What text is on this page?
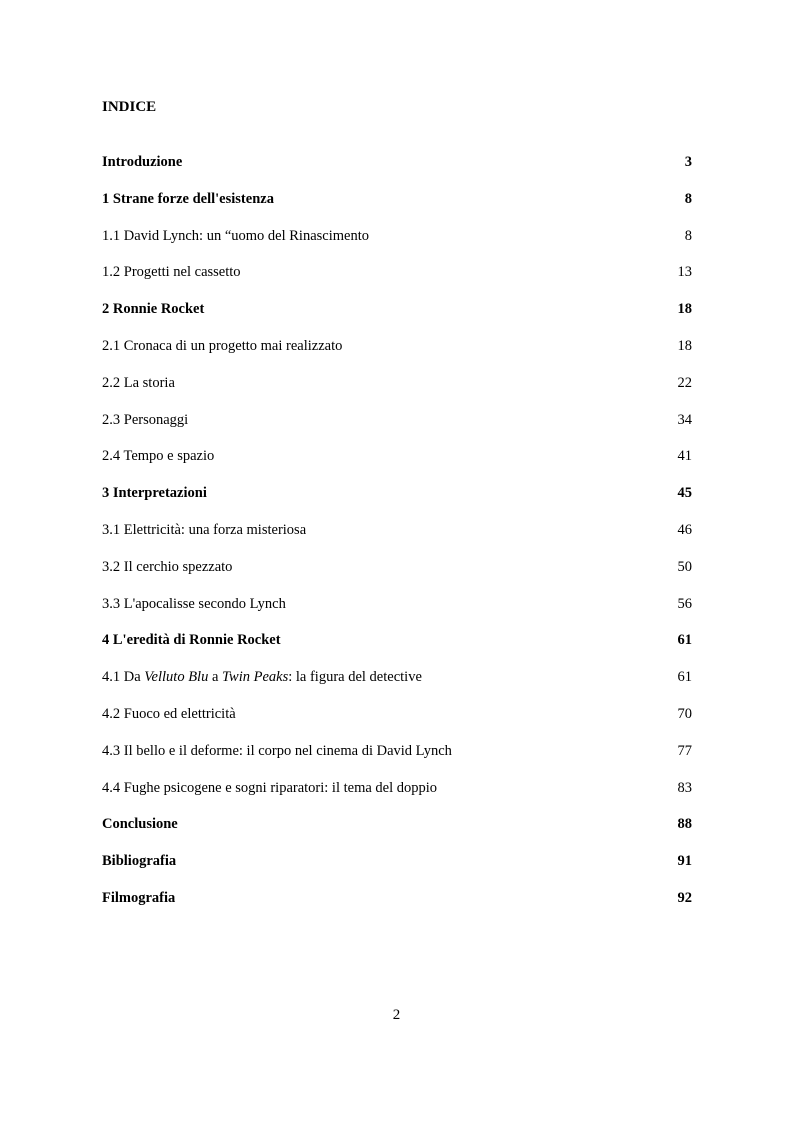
INDICE
Introduzione	3
1 Strane forze dell'esistenza	8
1.1 David Lynch: un “uomo del Rinascimento	8
1.2 Progetti nel cassetto	13
2 Ronnie Rocket	18
2.1 Cronaca di un progetto mai realizzato	18
2.2 La storia	22
2.3 Personaggi	34
2.4 Tempo e spazio	41
3 Interpretazioni	45
3.1 Elettricità: una forza misteriosa	46
3.2 Il cerchio spezzato	50
3.3 L'apocalisse secondo Lynch	56
4 L'eredità di Ronnie Rocket	61
4.1 Da Velluto Blu a Twin Peaks: la figura del detective	61
4.2 Fuoco ed elettricità	70
4.3 Il bello e il deforme: il corpo nel cinema di David Lynch	77
4.4 Fughe psicogene e sogni riparatori: il tema del doppio	83
Conclusione	88
Bibliografia	91
Filmografia	92
2
